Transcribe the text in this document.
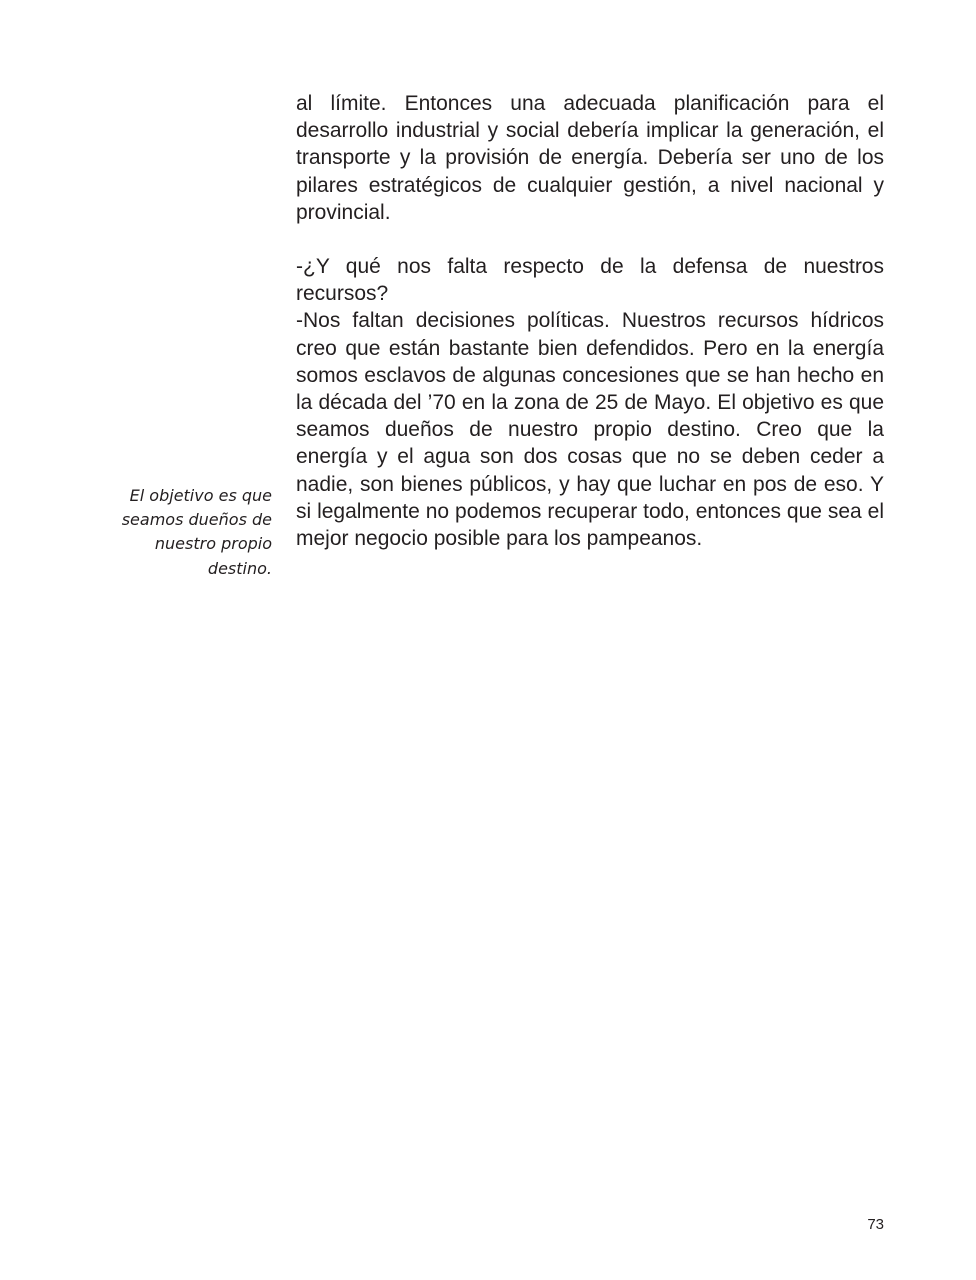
El objetivo es que seamos dueños de nuestro propio destino.

al límite. Entonces una adecuada planificación para el desarrollo industrial y social debería implicar la generación, el transporte y la provisión de energía. Debería ser uno de los pilares estratégicos de cualquier gestión, a nivel nacional y provincial.

-¿Y qué nos falta respecto de la defensa de nuestros recursos?

-Nos faltan decisiones políticas. Nuestros recursos hídricos creo que están bastante bien defendidos. Pero en la energía somos esclavos de algunas concesiones que se han hecho en la década del ’70 en la zona de 25 de Mayo. El objetivo es que seamos dueños de nuestro propio destino. Creo que la energía y el agua son dos cosas que no se deben ceder a nadie, son bienes públicos, y hay que luchar en pos de eso. Y si legalmente no podemos recuperar todo, entonces que sea el mejor negocio posible para los pampeanos.

73
